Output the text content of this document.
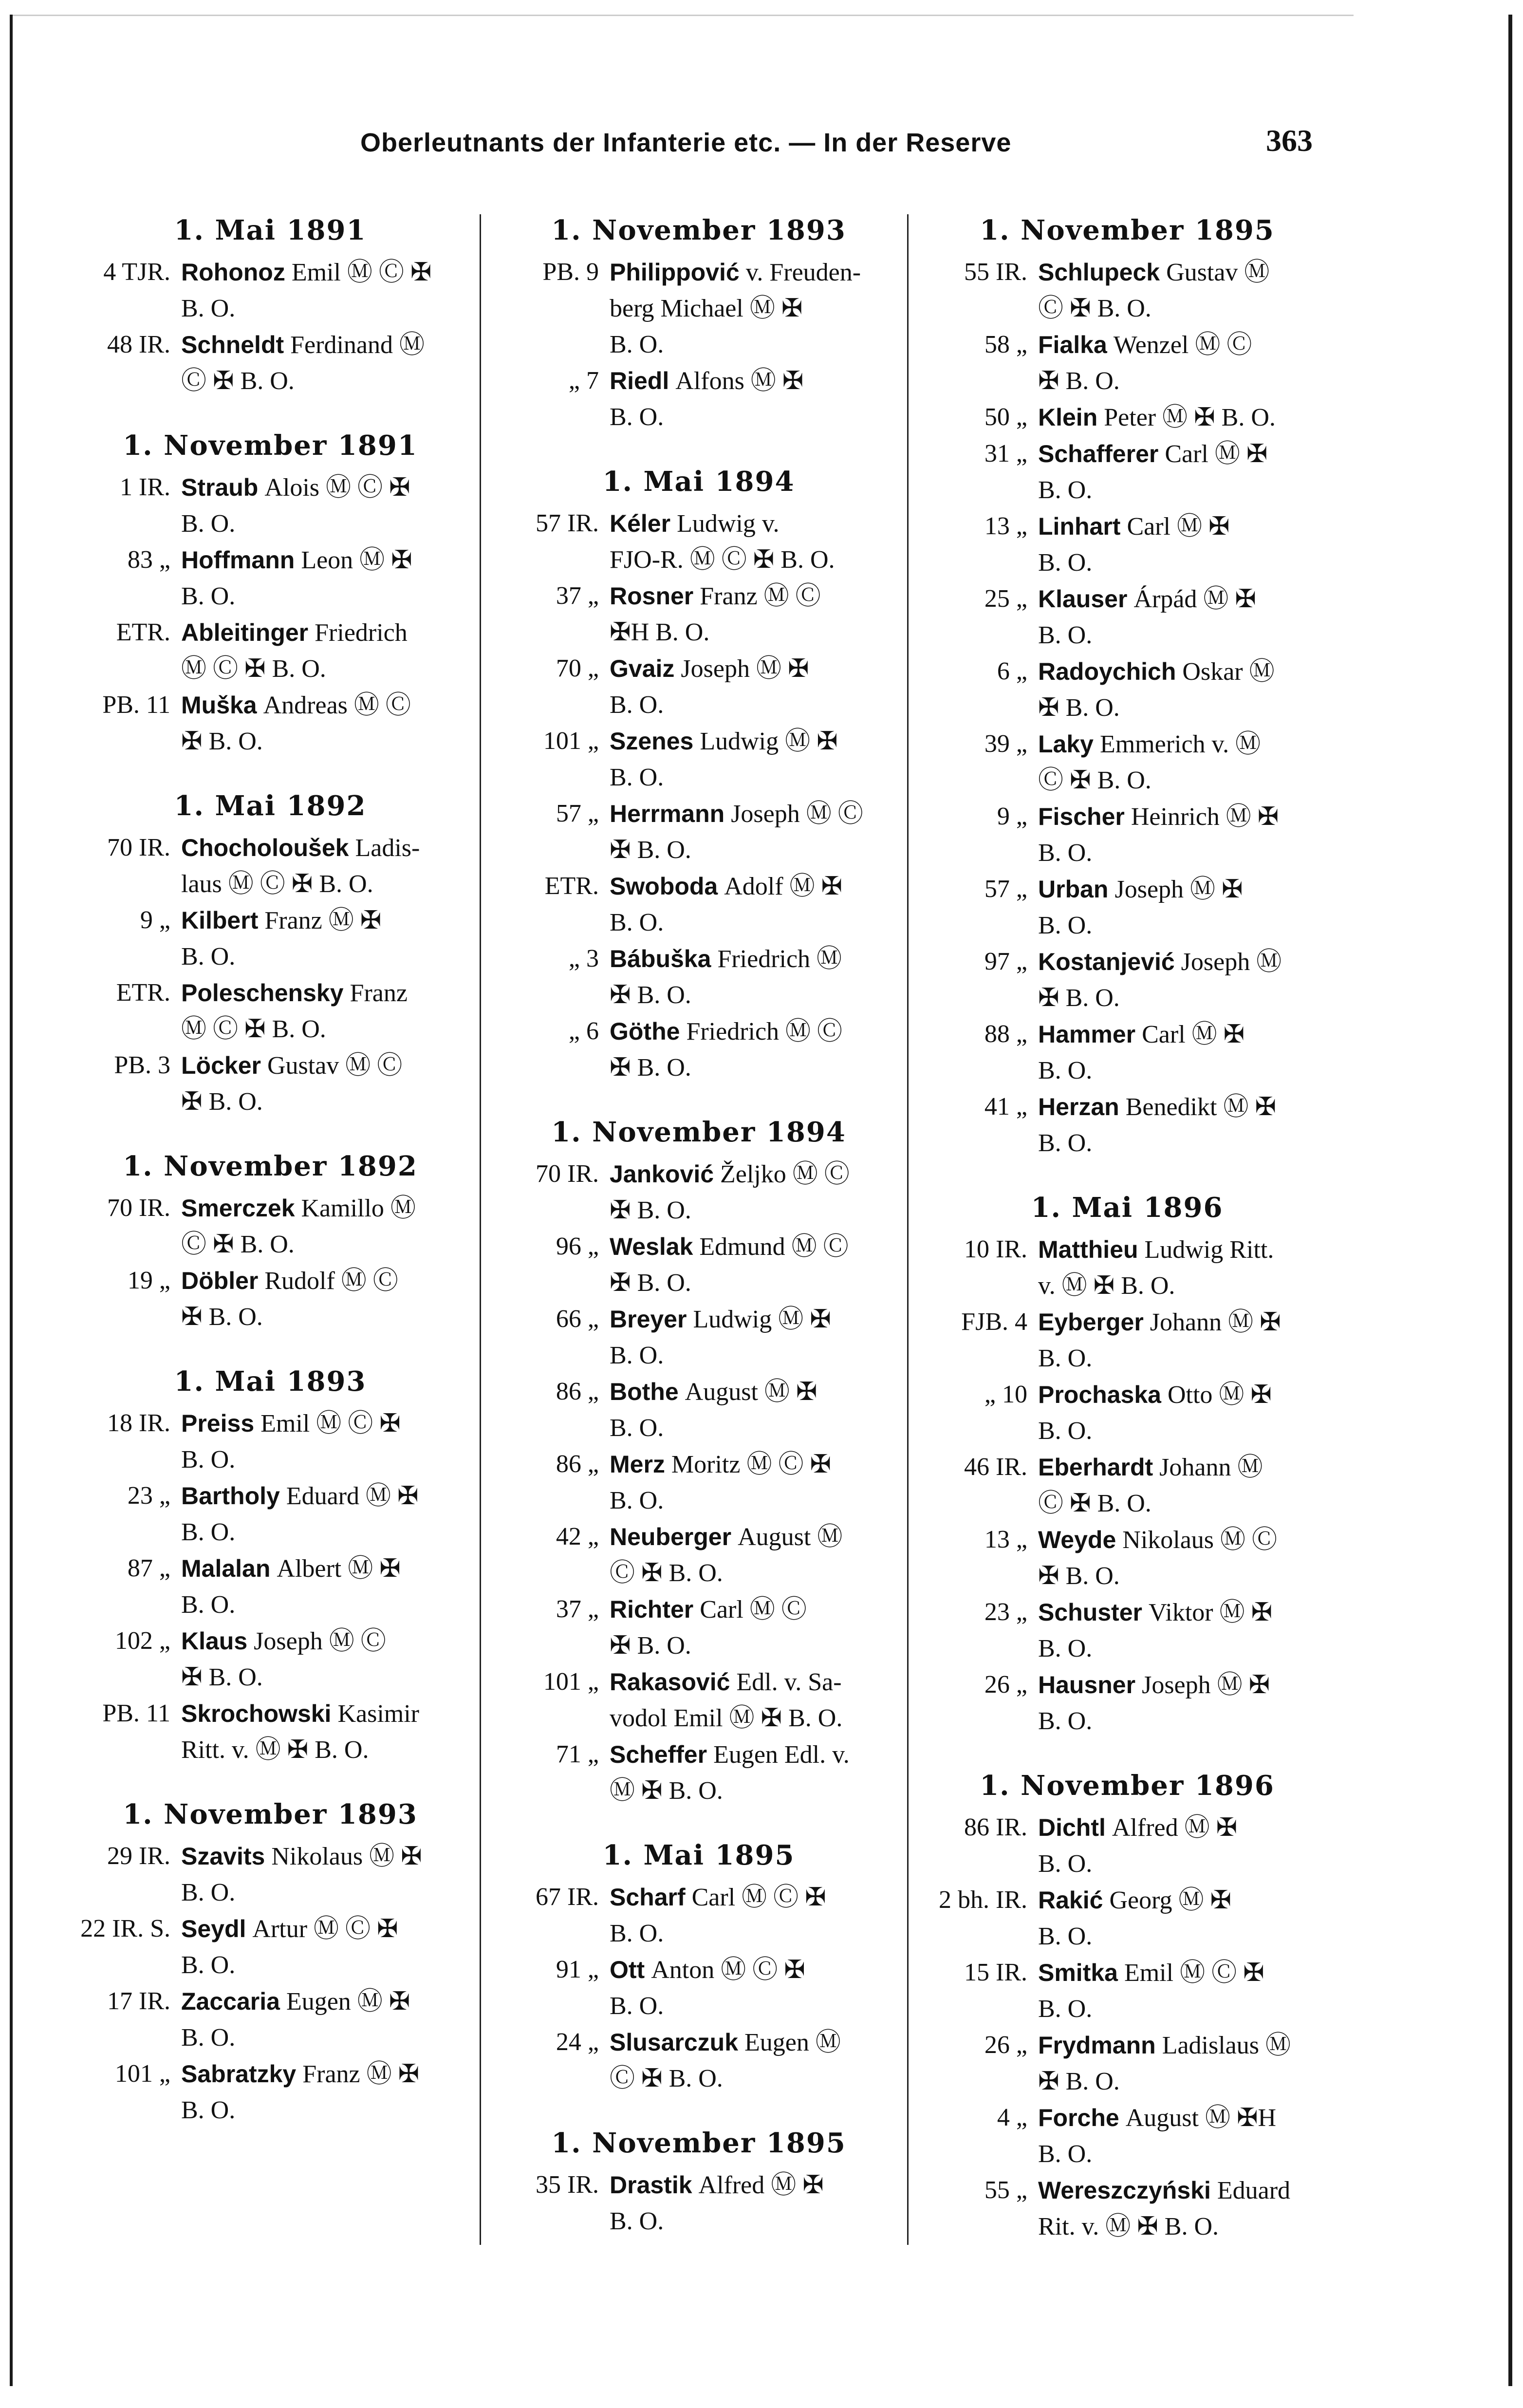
Oberleutnants der Infanterie etc. — In der Reserve	363
1. Mai 1891
4 TJR. Rohonoz Emil Ⓜ Ⓒ ✠
B. O.
48 IR. Schneldt Ferdinand Ⓜ
Ⓒ ✠ B. O.
1. November 1891
1 IR. Straub Alois Ⓜ Ⓒ ✠
B. O.
83 „ Hoffmann Leon Ⓜ ✠
B. O.
ETR. Ableitinger Friedrich
Ⓜ Ⓒ ✠ B. O.
PB. 11 Muška Andreas Ⓜ Ⓒ
✠ B. O.
1. Mai 1892
70 IR. Chocholoušek Ladis-
laus Ⓜ Ⓒ ✠ B. O.
9 „ Kilbert Franz Ⓜ ✠
B. O.
ETR. Poleschensky Franz
Ⓜ Ⓒ ✠ B. O.
PB. 3 Löcker Gustav Ⓜ Ⓒ
✠ B. O.
1. November 1892
70 IR. Smerczek Kamillo Ⓜ
Ⓒ ✠ B. O.
19 „ Döbler Rudolf Ⓜ Ⓒ
✠ B. O.
1. Mai 1893
18 IR. Preiss Emil Ⓜ Ⓒ ✠
B. O.
23 „ Bartholy Eduard Ⓜ ✠
B. O.
87 „ Malalan Albert Ⓜ ✠
B. O.
102 „ Klaus Joseph Ⓜ Ⓒ
✠ B. O.
PB. 11 Skrochowski Kasimir
Ritt. v. Ⓜ ✠ B. O.
1. November 1893
29 IR. Szavits Nikolaus Ⓜ ✠
B. O.
22 IR. S. Seydl Artur Ⓜ Ⓒ ✠
B. O.
17 IR. Zaccaria Eugen Ⓜ ✠
B. O.
101 „ Sabratzky Franz Ⓜ ✠
B. O.
1. November 1893
PB. 9 Philippović v. Freuden-
berg Michael Ⓜ ✠
B. O.
„ 7 Riedl Alfons Ⓜ ✠
B. O.
1. Mai 1894
57 IR. Kéler Ludwig v.
FJO-R. Ⓜ Ⓒ ✠ B. O.
37 „ Rosner Franz Ⓜ Ⓒ
✠H B. O.
70 „ Gvaiz Joseph Ⓜ ✠
B. O.
101 „ Szenes Ludwig Ⓜ ✠
B. O.
57 „ Herrmann Joseph Ⓜ Ⓒ
✠ B. O.
ETR. Swoboda Adolf Ⓜ ✠
B. O.
„ 3 Bábuška Friedrich Ⓜ
✠ B. O.
„ 6 Göthe Friedrich Ⓜ Ⓒ
✠ B. O.
1. November 1894
70 IR. Janković Željko Ⓜ Ⓒ
✠ B. O.
96 „ Weslak Edmund Ⓜ Ⓒ
✠ B. O.
66 „ Breyer Ludwig Ⓜ ✠
B. O.
86 „ Bothe August Ⓜ ✠
B. O.
86 „ Merz Moritz Ⓜ Ⓒ ✠
B. O.
42 „ Neuberger August Ⓜ
Ⓒ ✠ B. O.
37 „ Richter Carl Ⓜ Ⓒ
✠ B. O.
101 „ Rakasović Edl. v. Sa-
vodol Emil Ⓜ ✠ B. O.
71 „ Scheffer Eugen Edl. v.
Ⓜ ✠ B. O.
1. Mai 1895
67 IR. Scharf Carl Ⓜ Ⓒ ✠
B. O.
91 „ Ott Anton Ⓜ Ⓒ ✠
B. O.
24 „ Slusarczuk Eugen Ⓜ
Ⓒ ✠ B. O.
1. November 1895
35 IR. Drastik Alfred Ⓜ ✠
B. O.
1. November 1895
55 IR. Schlupeck Gustav Ⓜ
Ⓒ ✠ B. O.
58 „ Fialka Wenzel Ⓜ Ⓒ
✠ B. O.
50 „ Klein Peter Ⓜ ✠ B. O.
31 „ Schafferer Carl Ⓜ ✠
B. O.
13 „ Linhart Carl Ⓜ ✠
B. O.
25 „ Klauser Árpád Ⓜ ✠
B. O.
6 „ Radoychich Oskar Ⓜ
✠ B. O.
39 „ Laky Emmerich v. Ⓜ
Ⓒ ✠ B. O.
9 „ Fischer Heinrich Ⓜ ✠
B. O.
57 „ Urban Joseph Ⓜ ✠
B. O.
97 „ Kostanjević Joseph Ⓜ
✠ B. O.
88 „ Hammer Carl Ⓜ ✠
B. O.
41 „ Herzan Benedikt Ⓜ ✠
B. O.
1. Mai 1896
10 IR. Matthieu Ludwig Ritt.
v. Ⓜ ✠ B. O.
FJB. 4 Eyberger Johann Ⓜ ✠
B. O.
„ 10 Prochaska Otto Ⓜ ✠
B. O.
46 IR. Eberhardt Johann Ⓜ
Ⓒ ✠ B. O.
13 „ Weyde Nikolaus Ⓜ Ⓒ
✠ B. O.
23 „ Schuster Viktor Ⓜ ✠
B. O.
26 „ Hausner Joseph Ⓜ ✠
B. O.
1. November 1896
86 IR. Dichtl Alfred Ⓜ ✠
B. O.
2 bh. IR. Rakić Georg Ⓜ ✠
B. O.
15 IR. Smitka Emil Ⓜ Ⓒ ✠
B. O.
26 „ Frydmann Ladislaus Ⓜ
✠ B. O.
4 „ Forche August Ⓜ ✠H
B. O.
55 „ Wereszczyński Eduard
Rit. v. Ⓜ ✠ B. O.
